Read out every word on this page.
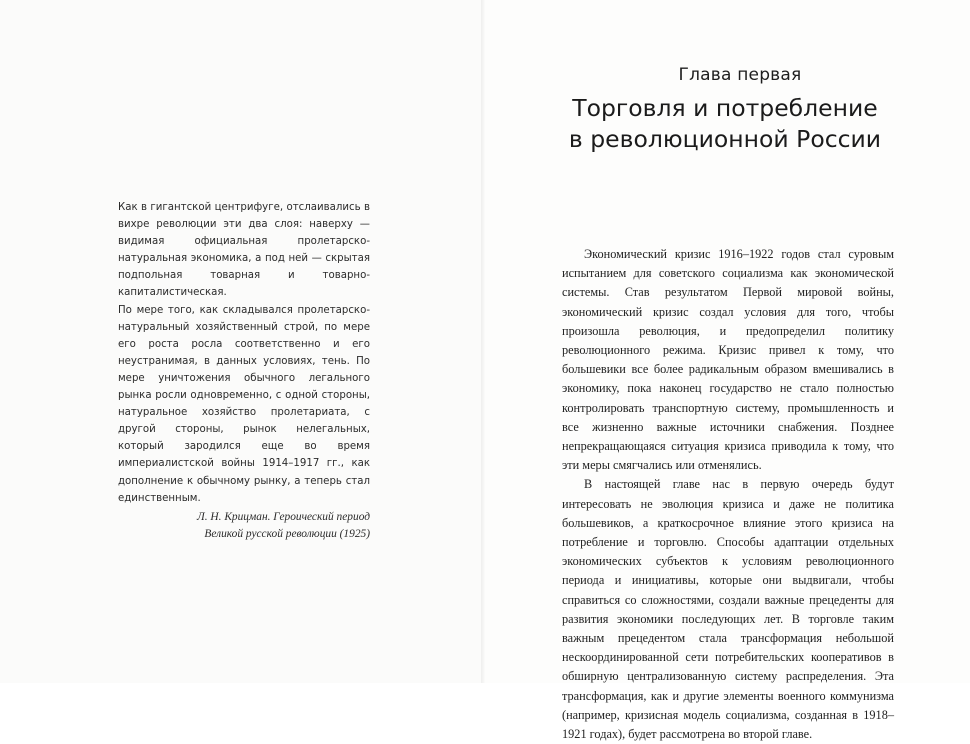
Как в гигантской центрифуге, отслаивались в вихре революции эти два слоя: наверху — видимая официальная пролетарско-натуральная экономика, а под ней — скрытая подпольная товарная и товарно-капиталистическая.

По мере того, как складывался пролетарско-натуральный хозяйственный строй, по мере его роста росла соответственно и его неустранимая, в данных условиях, тень. По мере уничтожения обычного легального рынка росли одновременно, с одной стороны, натуральное хозяйство пролетариата, с другой стороны, рынок нелегальных, который зародился еще во время империалистской войны 1914–1917 гг., как дополнение к обычному рынку, а теперь стал единственным.

Л. Н. Крицман. Героический период
Великой русской революции (1925)
Глава первая
Торговля и потребление
в революционной России

Экономический кризис 1916–1922 годов стал суровым испытанием для советского социализма как экономической системы. Став результатом Первой мировой войны, экономический кризис создал условия для того, чтобы произошла революция, и предопределил политику революционного режима. Кризис привел к тому, что большевики все более радикальным образом вмешивались в экономику, пока наконец государство не стало полностью контролировать транспортную систему, промышленность и все жизненно важные источники снабжения. Позднее непрекращающаяся ситуация кризиса приводила к тому, что эти меры смягчались или отменялись.

В настоящей главе нас в первую очередь будут интересовать не эволюция кризиса и даже не политика большевиков, а краткосрочное влияние этого кризиса на потребление и торговлю. Способы адаптации отдельных экономических субъектов к условиям революционного периода и инициативы, которые они выдвигали, чтобы справиться со сложностями, создали важные прецеденты для развития экономики последующих лет. В торговле таким важным прецедентом стала трансформация небольшой нескоординированной сети потребительских кооперативов в обширную централизованную систему распределения. Эта трансформация, как и другие элементы военного коммунизма (например, кризисная модель социализма, созданная в 1918–1921 годах), будет рассмотрена во второй главе.
